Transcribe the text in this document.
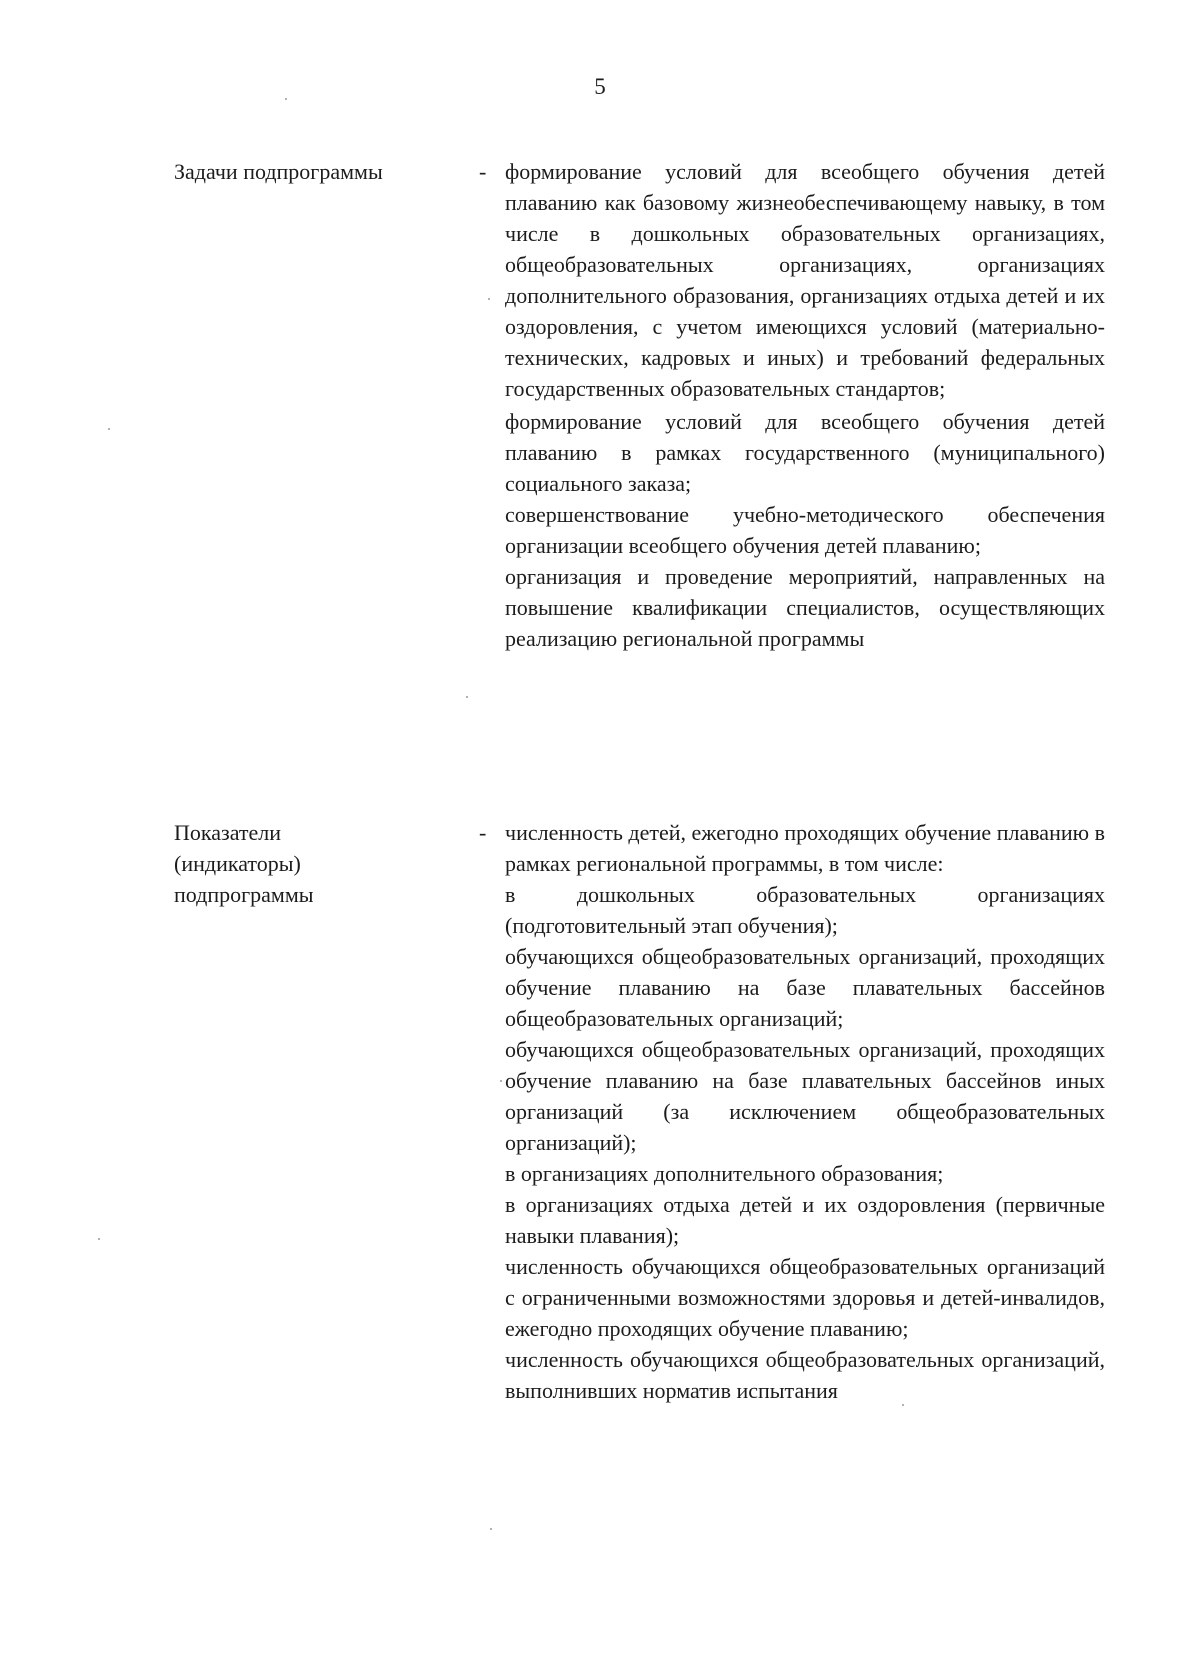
5
Задачи подпрограммы	- формирование условий для всеобщего обучения детей плаванию как базовому жизнеобеспечивающему навыку, в том числе в дошкольных образовательных организациях, общеобразовательных организациях, организациях дополнительного образования, организациях отдыха детей и их оздоровления, с учетом имеющихся условий (материально-технических, кадровых и иных) и требований федеральных государственных образовательных стандартов;

формирование условий для всеобщего обучения детей плаванию в рамках государственного (муниципального) социального заказа;

совершенствование учебно-методического обеспечения организации всеобщего обучения детей плаванию;

организация и проведение мероприятий, направленных на повышение квалификации специалистов, осуществляющих реализацию региональной программы

Показатели (индикаторы) подпрограммы
- численность детей, ежегодно проходящих обучение плаванию в рамках региональной программы, в том числе:

в дошкольных образовательных организациях (подготовительный этап обучения);

обучающихся общеобразовательных организаций, проходящих обучение плаванию на базе плавательных бассейнов общеобразовательных организаций;

обучающихся общеобразовательных организаций, проходящих обучение плаванию на базе плавательных бассейнов иных организаций (за исключением общеобразовательных организаций);

в организациях дополнительного образования;

в организациях отдыха детей и их оздоровления (первичные навыки плавания);

численность обучающихся общеобразовательных организаций с ограниченными возможностями здоровья и детей-инвалидов, ежегодно проходящих обучение плаванию;

численность обучающихся общеобразовательных организаций, выполнивших норматив испытания
